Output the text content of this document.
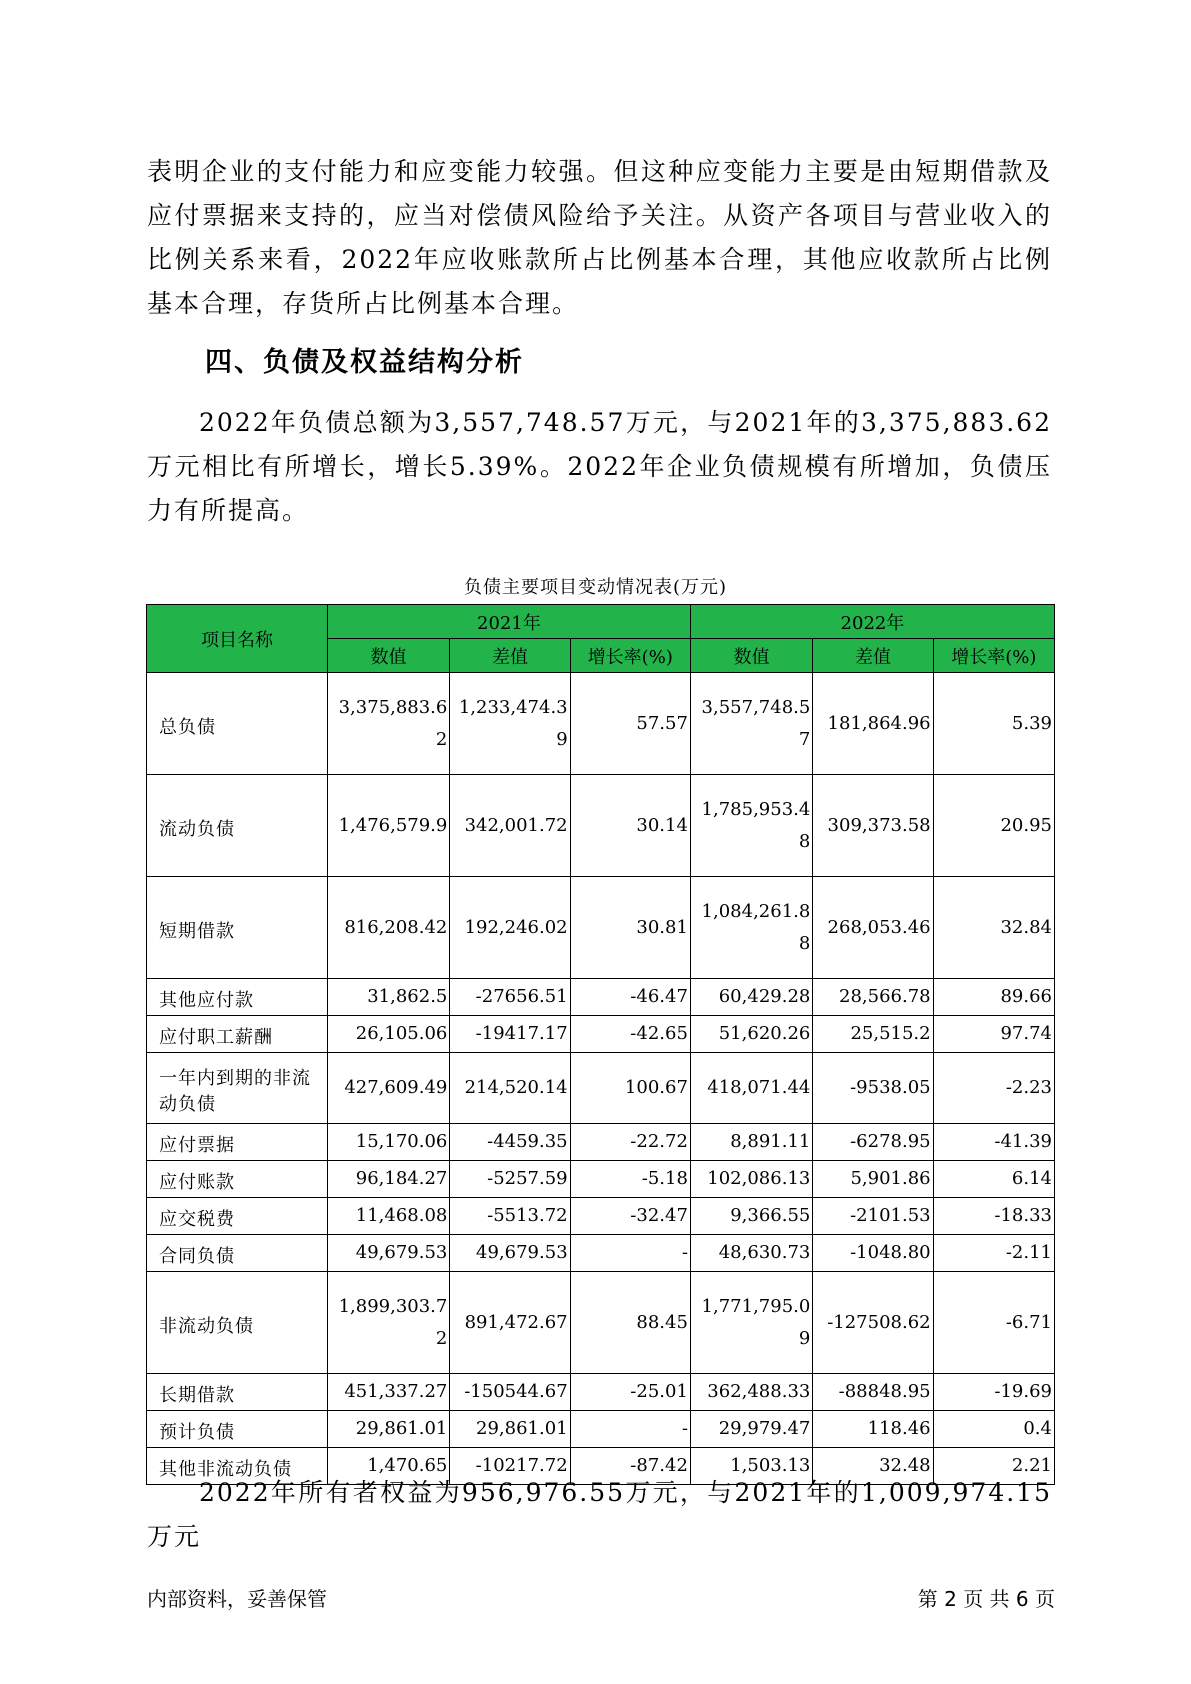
表明企业的支付能力和应变能力较强。但这种应变能力主要是由短期借款及应付票据来支持的，应当对偿债风险给予关注。从资产各项目与营业收入的比例关系来看，2022年应收账款所占比例基本合理，其他应收款所占比例基本合理，存货所占比例基本合理。

四、负债及权益结构分析

2022年负债总额为3,557,748.57万元，与2021年的3,375,883.62万元相比有所增长，增长5.39%。2022年企业负债规模有所增加，负债压力有所提高。

负债主要项目变动情况表(万元)
项目名称	2021年			2022年		
	数值	差值	增长率(%)	数值	差值	增长率(%)
总负债	3,375,883.62	1,233,474.39	57.57	3,557,748.57	181,864.96	5.39
流动负债	1,476,579.9	342,001.72	30.14	1,785,953.48	309,373.58	20.95
短期借款	816,208.42	192,246.02	30.81	1,084,261.88	268,053.46	32.84
其他应付款	31,862.5	-27656.51	-46.47	60,429.28	28,566.78	89.66
应付职工薪酬	26,105.06	-19417.17	-42.65	51,620.26	25,515.2	97.74
一年内到期的非流动负债	427,609.49	214,520.14	100.67	418,071.44	-9538.05	-2.23
应付票据	15,170.06	-4459.35	-22.72	8,891.11	-6278.95	-41.39
应付账款	96,184.27	-5257.59	-5.18	102,086.13	5,901.86	6.14
应交税费	11,468.08	-5513.72	-32.47	9,366.55	-2101.53	-18.33
合同负债	49,679.53	49,679.53	-	48,630.73	-1048.80	-2.11
非流动负债	1,899,303.72	891,472.67	88.45	1,771,795.09	-127508.62	-6.71
长期借款	451,337.27	-150544.67	-25.01	362,488.33	-88848.95	-19.69
预计负债	29,861.01	29,861.01	-	29,979.47	118.46	0.4
其他非流动负债	1,470.65	-10217.72	-87.42	1,503.13	32.48	2.21

2022年所有者权益为956,976.55万元，与2021年的1,009,974.15万元

内部资料，妥善保管	第 2 页 共 6 页
